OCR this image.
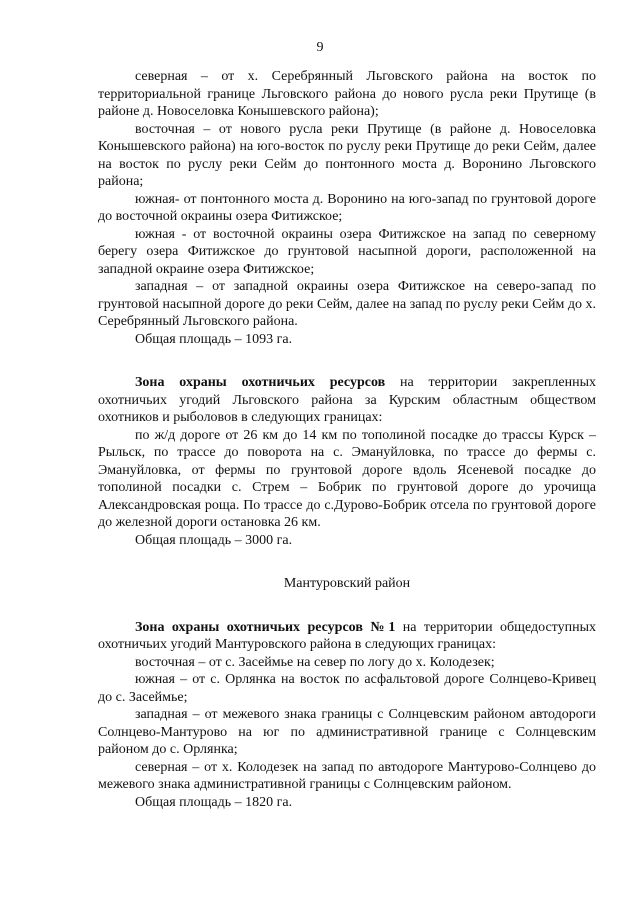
9

северная – от х. Серебрянный Льговского района на восток по территориальной границе Льговского района до нового русла реки Прутище (в районе д. Новоселовка Конышевского района);

восточная – от нового русла реки Прутище (в районе д. Новоселовка Конышевского района) на юго-восток по руслу реки Прутище до реки Сейм, далее на восток по руслу реки Сейм до понтонного моста д. Воронино Льговского района;

южная- от понтонного моста д. Воронино на юго-запад по грунтовой дороге до восточной окраины озера Фитижское;

южная - от восточной окраины озера Фитижское на запад по северному берегу озера Фитижское до грунтовой насыпной дороги, расположенной на западной окраине озера Фитижское;

западная – от западной окраины озера Фитижское на северо-запад по грунтовой насыпной дороге до реки Сейм, далее на запад по руслу реки Сейм до х. Серебрянный Льговского района.

Общая площадь – 1093 га.

Зона охраны охотничьих ресурсов на территории закрепленных охотничьих угодий Льговского района за Курским областным обществом охотников и рыболовов в следующих границах:

по ж/д дороге от 26 км до 14 км по тополиной посадке до трассы Курск – Рыльск, по трассе до поворота на с. Эмануйловка, по трассе до фермы с. Эмануйловка, от фермы по грунтовой дороге вдоль Ясеневой посадке до тополиной посадки с. Стрем – Бобрик по грунтовой дороге до урочища Александровская роща. По трассе до с.Дурово-Бобрик отсела по грунтовой дороге до железной дороги остановка 26 км.

Общая площадь – 3000 га.

Мантуровский район

Зона охраны охотничьих ресурсов №1 на территории общедоступных охотничьих угодий Мантуровского района в следующих границах:

восточная – от с. Засеймье на север по логу до х. Колодезек;

южная – от с. Орлянка на восток по асфальтовой дороге Солнцево-Кривец до с. Засеймье;

западная – от межевого знака границы с Солнцевским районом автодороги Солнцево-Мантурово на юг по административной границе с Солнцевским районом до с. Орлянка;

северная – от х. Колодезек на запад по автодороге Мантурово-Солнцево до межевого знака административной границы с Солнцевским районом.

Общая площадь – 1820 га.
